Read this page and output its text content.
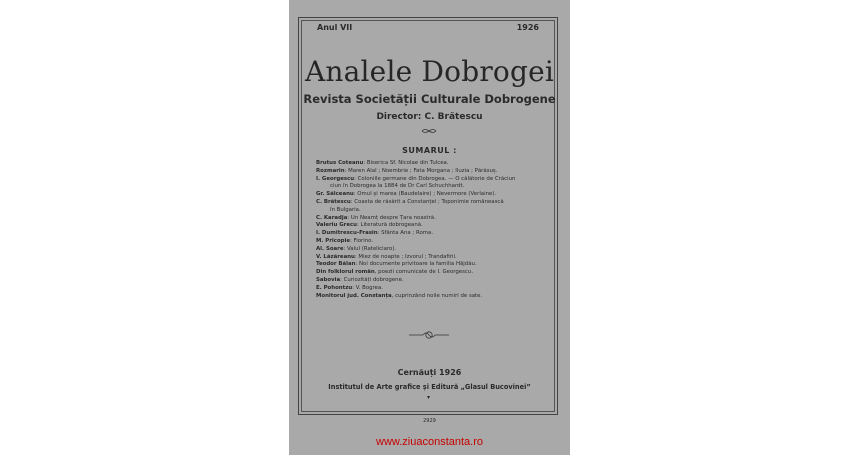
Anul VII	1926
Analele Dobrogei
Revista Societății Culturale Dobrogene
Director: C. Brătescu
SUMARUL :
Brutus Coteanu: Biserica Sf. Nicolae din Tulcea.
Rozmarin: Maren Alal ; Noembrie ; Fata Morgana ; Iluzia ; Părăsuș.
I. Georgescu: Coloniile germane din Dobrogea. — O călătorie de Crăciun
ciun în Dobrogea la 1884 de Dr Carl Schuchhardt.
Gr. Sălceanu: Omul și marea (Baudelaire) ; Nevermore (Verlaine).
C. Brătescu: Coasta de răsărit a Constanței ; Toponimie românească
în Bulgaria.
C. Karadja: Un Neamț despre Țara noastră.
Valeriu Grecu: Literatură dobrogeană.
I. Dumitrescu-Frasin: Sfânta Ana ; Roma.
M. Pricopie: Fiorino.
Al. Soare: Valul (Rateliciaro).
V. Lăzăreanu: Miez de noapte ; Izvorul ; Trandafirii.
Teodor Bălan: Noi documente privitoare la familia Hâjdău.
Din folklorul român, poezii comunicate de I. Georgescu.
Sabovia: Curiozități dobrogene.
E. Pohontzu: V. Bogrea.
Monitorul jud. Constanța, cuprinzând noile numiri de sate.
Cernăuți 1926
Institutul de Arte grafice și Editură „Glasul Bucovinei”
▾
2929
www.ziuaconstanta.ro
